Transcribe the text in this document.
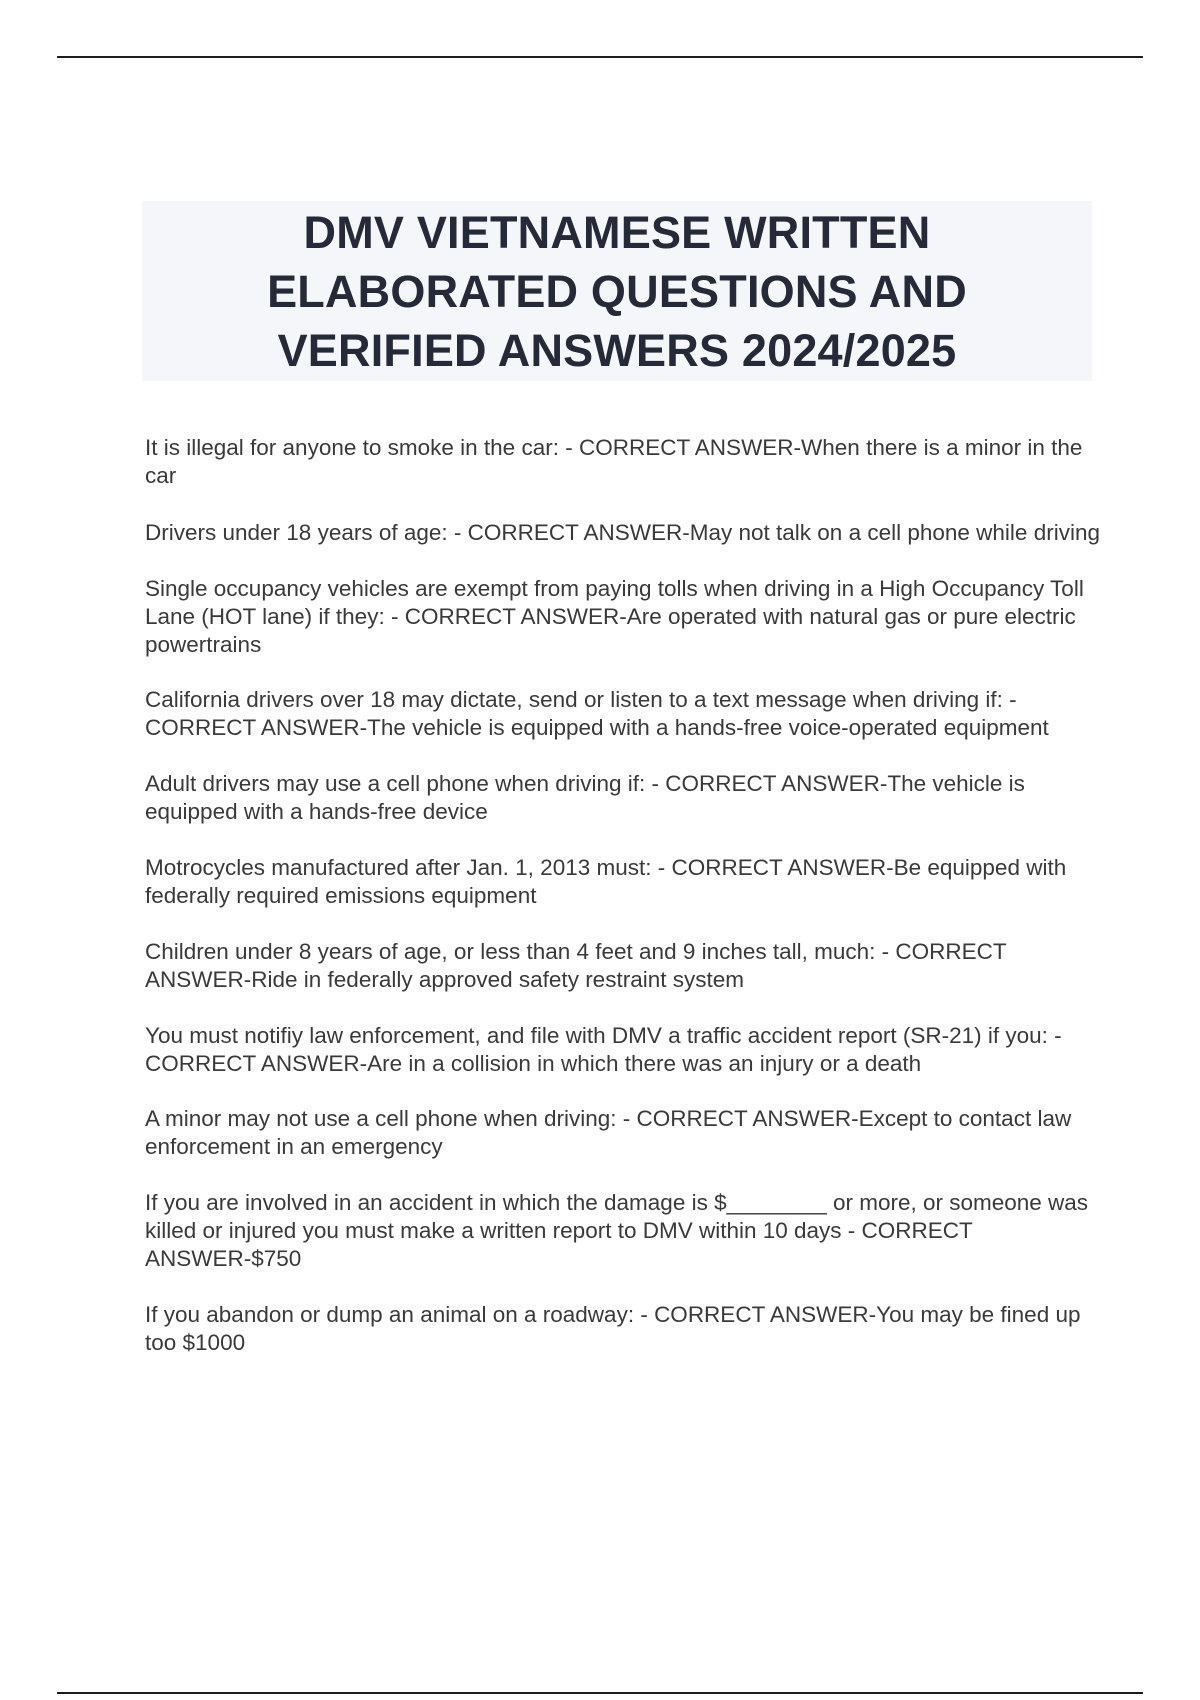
DMV VIETNAMESE WRITTEN
ELABORATED QUESTIONS AND
VERIFIED ANSWERS 2024/2025

It is illegal for anyone to smoke in the car: - CORRECT ANSWER-When there is a minor in the car

Drivers under 18 years of age: - CORRECT ANSWER-May not talk on a cell phone while driving

Single occupancy vehicles are exempt from paying tolls when driving in a High Occupancy Toll Lane (HOT lane) if they: - CORRECT ANSWER-Are operated with natural gas or pure electric powertrains

California drivers over 18 may dictate, send or listen to a text message when driving if: - CORRECT ANSWER-The vehicle is equipped with a hands-free voice-operated equipment

Adult drivers may use a cell phone when driving if: - CORRECT ANSWER-The vehicle is equipped with a hands-free device

Motrocycles manufactured after Jan. 1, 2013 must: - CORRECT ANSWER-Be equipped with federally required emissions equipment

Children under 8 years of age, or less than 4 feet and 9 inches tall, much: - CORRECT ANSWER-Ride in federally approved safety restraint system

You must notifiy law enforcement, and file with DMV a traffic accident report (SR-21) if you: - CORRECT ANSWER-Are in a collision in which there was an injury or a death

A minor may not use a cell phone when driving: - CORRECT ANSWER-Except to contact law enforcement in an emergency

If you are involved in an accident in which the damage is $________ or more, or someone was killed or injured you must make a written report to DMV within 10 days - CORRECT ANSWER-$750

If you abandon or dump an animal on a roadway: - CORRECT ANSWER-You may be fined up too $1000
